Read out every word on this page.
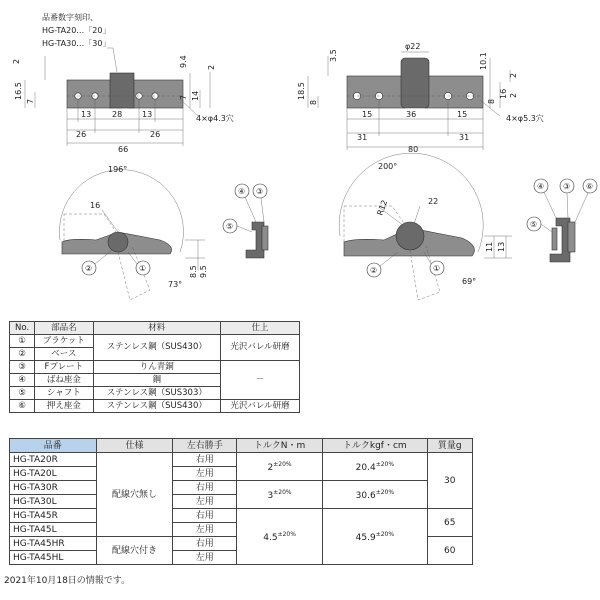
品番数字刻印、
HG-TA20…「20」
HG-TA30…「30」
16.5
7
2	9.4 2
7 14
13	28 13
26	26
66
4×φ4.3穴
φ22
3.5	10.1
2
18.5
8
16 2
8
15	36	15
31	31
80
4×φ5.3穴
196°
16
73°
8.5 9.5
①
②
④ ③
⑤
200°
R12	22
69°
11 13
①
②
④ ③ ⑥
⑤
No.	部品名	材料	仕上
①	ブラケット	ステンレス鋼（SUS430）	光沢バレル研磨
②	ベース		
③	Fプレート	りん青銅	－
④	ばね座金	鋼	
⑤	シャフト	ステンレス鋼（SUS303）	
⑥	押え座金	ステンレス鋼（SUS430）	光沢バレル研磨
品番	仕様	左右勝手	トルクN・m	トルクkgf・cm	質量g
HG-TA20R	配線穴無し	右用	$2^{\pm 20\%}$	$20.4^{\pm 20\%}$	30
HG-TA20L		左用			
HG-TA30R		右用	$3^{\pm 20\%}$	$30.6^{\pm 20\%}$
HG-TA30L		左用			
HG-TA45R		右用	$4.5^{\pm 20\%}$	$45.9^{\pm 20\%}$	65
HG-TA45L		左用			
HG-TA45HR	配線穴付き	右用			60
HG-TA45HL		左用			
2021年10月18日の情報です。
